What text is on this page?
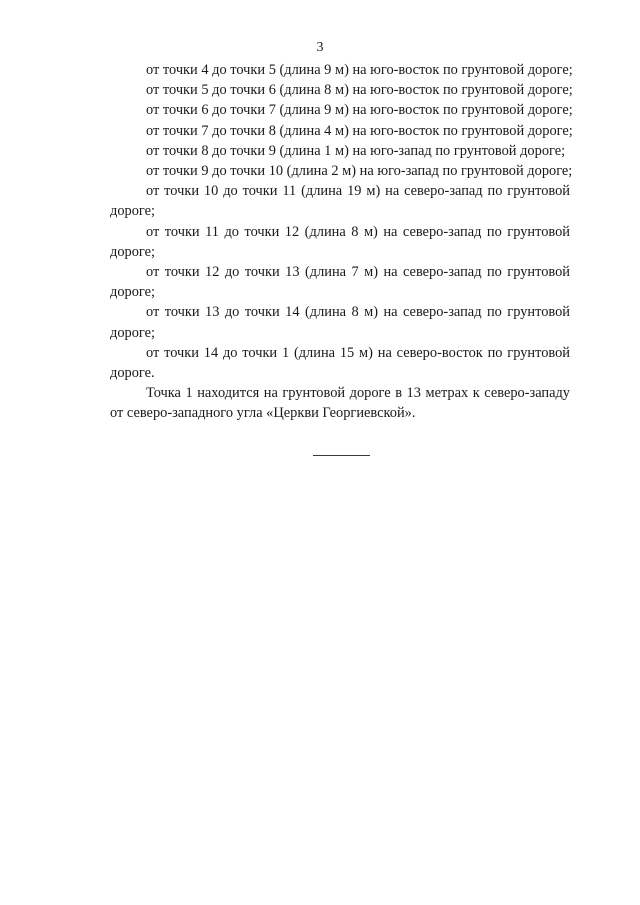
3

от точки 4 до точки 5 (длина 9 м) на юго-восток по грунтовой дороге;

от точки 5 до точки 6 (длина 8 м) на юго-восток по грунтовой дороге;

от точки 6 до точки 7 (длина 9 м) на юго-восток по грунтовой дороге;

от точки 7 до точки 8 (длина 4 м) на юго-восток по грунтовой дороге;

от точки 8 до точки 9 (длина 1 м) на юго-запад по грунтовой дороге;

от точки 9 до точки 10 (длина 2 м) на юго-запад по грунтовой дороге;

от точки 10 до точки 11 (длина 19 м) на северо-запад по грунтовой дороге;

от точки 11 до точки 12 (длина 8 м) на северо-запад по грунтовой дороге;

от точки 12 до точки 13 (длина 7 м) на северо-запад по грунтовой дороге;

от точки 13 до точки 14 (длина 8 м) на северо-запад по грунтовой дороге;

от точки 14 до точки 1 (длина 15 м) на северо-восток по грунтовой дороге.

Точка 1 находится на грунтовой дороге в 13 метрах к северо-западу от северо-западного угла «Церкви Георгиевской».
